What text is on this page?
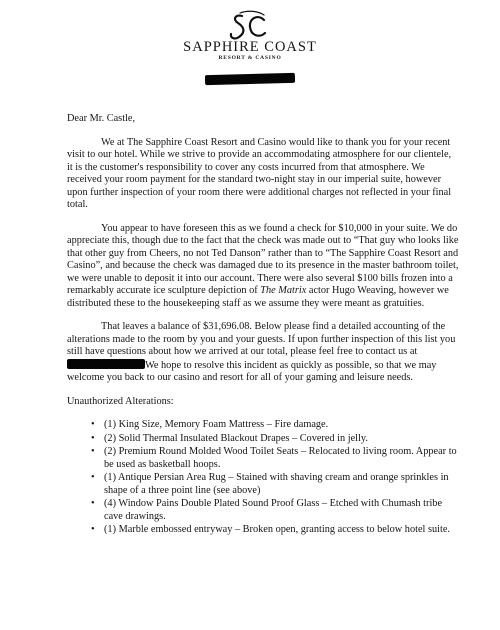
SAPPHIRE COAST
RESORT & CASINO

Dear Mr. Castle,

We at The Sapphire Coast Resort and Casino would like to thank you for your recent visit to our hotel. While we strive to provide an accommodating atmosphere for our clientele, it is the customer's responsibility to cover any costs incurred from that atmosphere. We received your room payment for the standard two-night stay in our imperial suite, however upon further inspection of your room there were additional charges not reflected in your final total.

You appear to have foreseen this as we found a check for $10,000 in your suite. We do appreciate this, though due to the fact that the check was made out to “That guy who looks like that other guy from Cheers, no not Ted Danson” rather than to “The Sapphire Coast Resort and Casino”, and because the check was damaged due to its presence in the master bathroom toilet, we were unable to deposit it into our account. There were also several $100 bills frozen into a remarkably accurate ice sculpture depiction of The Matrix actor Hugo Weaving, however we distributed these to the housekeeping staff as we assume they were meant as gratuities.

That leaves a balance of $31,696.08. Below please find a detailed accounting of the alterations made to the room by you and your guests. If upon further inspection of this list you still have questions about how we arrived at our total, please feel free to contact us at We hope to resolve this incident as quickly as possible, so that we may welcome you back to our casino and resort for all of your gaming and leisure needs.

Unauthorized Alterations:

• (1) King Size, Memory Foam Mattress – Fire damage.
• (2) Solid Thermal Insulated Blackout Drapes – Covered in jelly.
• (2) Premium Round Molded Wood Toilet Seats – Relocated to living room. Appear to be used as basketball hoops.
• (1) Antique Persian Area Rug – Stained with shaving cream and orange sprinkles in shape of a three point line (see above)
• (4) Window Pains Double Plated Sound Proof Glass – Etched with Chumash tribe cave drawings.
• (1) Marble embossed entryway – Broken open, granting access to below hotel suite.
